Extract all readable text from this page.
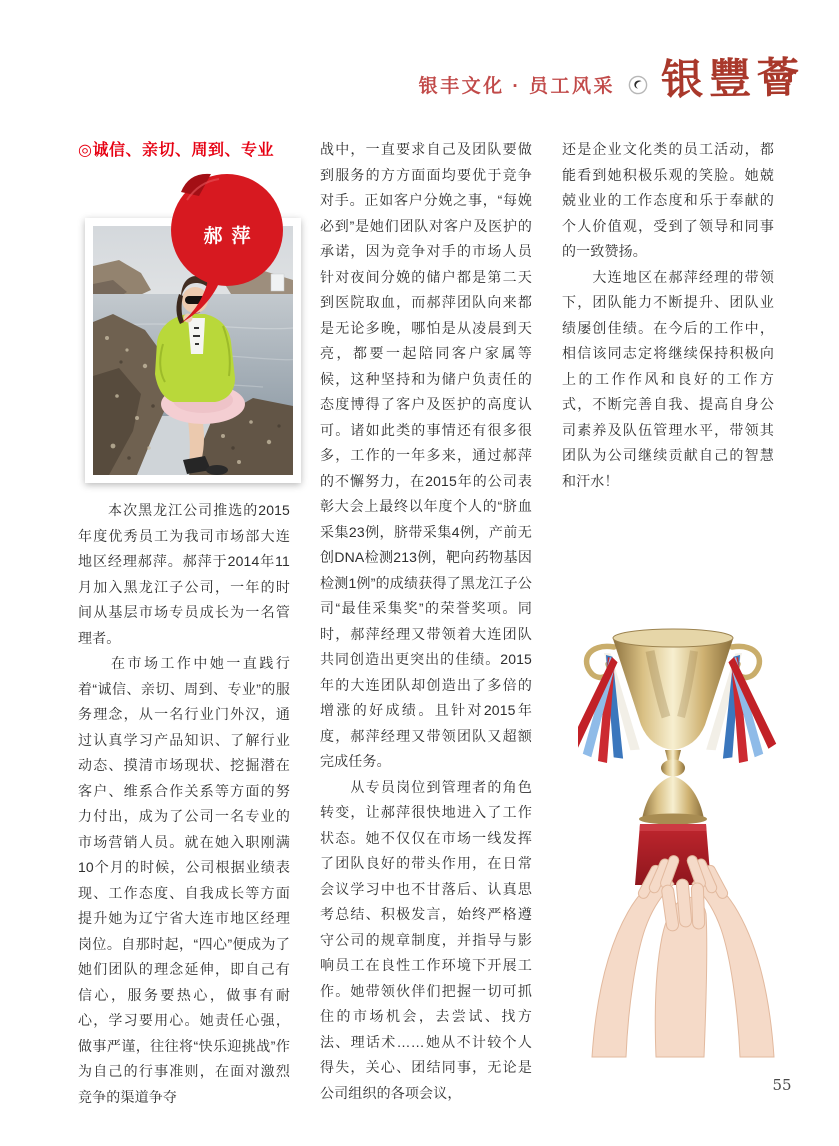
银丰文化 · 员工风采 银豐薈
◎诚信、亲切、周到、专业

　　本次黑龙江公司推选的2015年度优秀员工为我司市场部大连地区经理郝萍。郝萍于2014年11月加入黑龙江子公司，一年的时间从基层市场专员成长为一名管理者。

　　在市场工作中她一直践行着“诚信、亲切、周到、专业”的服务理念，从一名行业门外汉，通过认真学习产品知识、了解行业动态、摸清市场现状、挖掘潜在客户、维系合作关系等方面的努力付出，成为了公司一名专业的市场营销人员。就在她入职刚满10个月的时候，公司根据业绩表现、工作态度、自我成长等方面提升她为辽宁省大连市地区经理岗位。自那时起，“四心”便成为了她们团队的理念延伸，即自己有信心，服务要热心，做事有耐心，学习要用心。她责任心强，做事严谨，往往将“快乐迎挑战”作为自己的行事准则，在面对激烈竞争的渠道争夺

战中，一直要求自己及团队要做到服务的方方面面均要优于竞争对手。正如客户分娩之事，“每娩必到”是她们团队对客户及医护的承诺，因为竞争对手的市场人员针对夜间分娩的储户都是第二天到医院取血，而郝萍团队向来都是无论多晚，哪怕是从凌晨到天亮，都要一起陪同客户家属等候，这种坚持和为储户负责任的态度博得了客户及医护的高度认可。诸如此类的事情还有很多很多，工作的一年多来，通过郝萍的不懈努力，在2015年的公司表彰大会上最终以年度个人的“脐血采集23例，脐带采集4例，产前无创DNA检测213例，靶向药物基因检测1例”的成绩获得了黑龙江子公司“最佳采集奖”的荣誉奖项。同时，郝萍经理又带领着大连团队共同创造出更突出的佳绩。2015年的大连团队却创造出了多倍的增涨的好成绩。且针对2015年度，郝萍经理又带领团队又超额完成任务。

　　从专员岗位到管理者的角色转变，让郝萍很快地进入了工作状态。她不仅仅在市场一线发挥了团队良好的带头作用，在日常会议学习中也不甘落后、认真思考总结、积极发言，始终严格遵守公司的规章制度，并指导与影响员工在良性工作环境下开展工作。她带领伙伴们把握一切可抓住的市场机会，去尝试、找方法、理话术……她从不计较个人得失，关心、团结同事，无论是公司组织的各项会议，

还是企业文化类的员工活动，都能看到她积极乐观的笑脸。她兢兢业业的工作态度和乐于奉献的个人价值观，受到了领导和同事的一致赞扬。

　　大连地区在郝萍经理的带领下，团队能力不断提升、团队业绩屡创佳绩。在今后的工作中，相信该同志定将继续保持积极向上的工作作风和良好的工作方式，不断完善自我、提高自身公司素养及队伍管理水平，带领其团队为公司继续贡献自己的智慧和汗水！

郝萍
55
